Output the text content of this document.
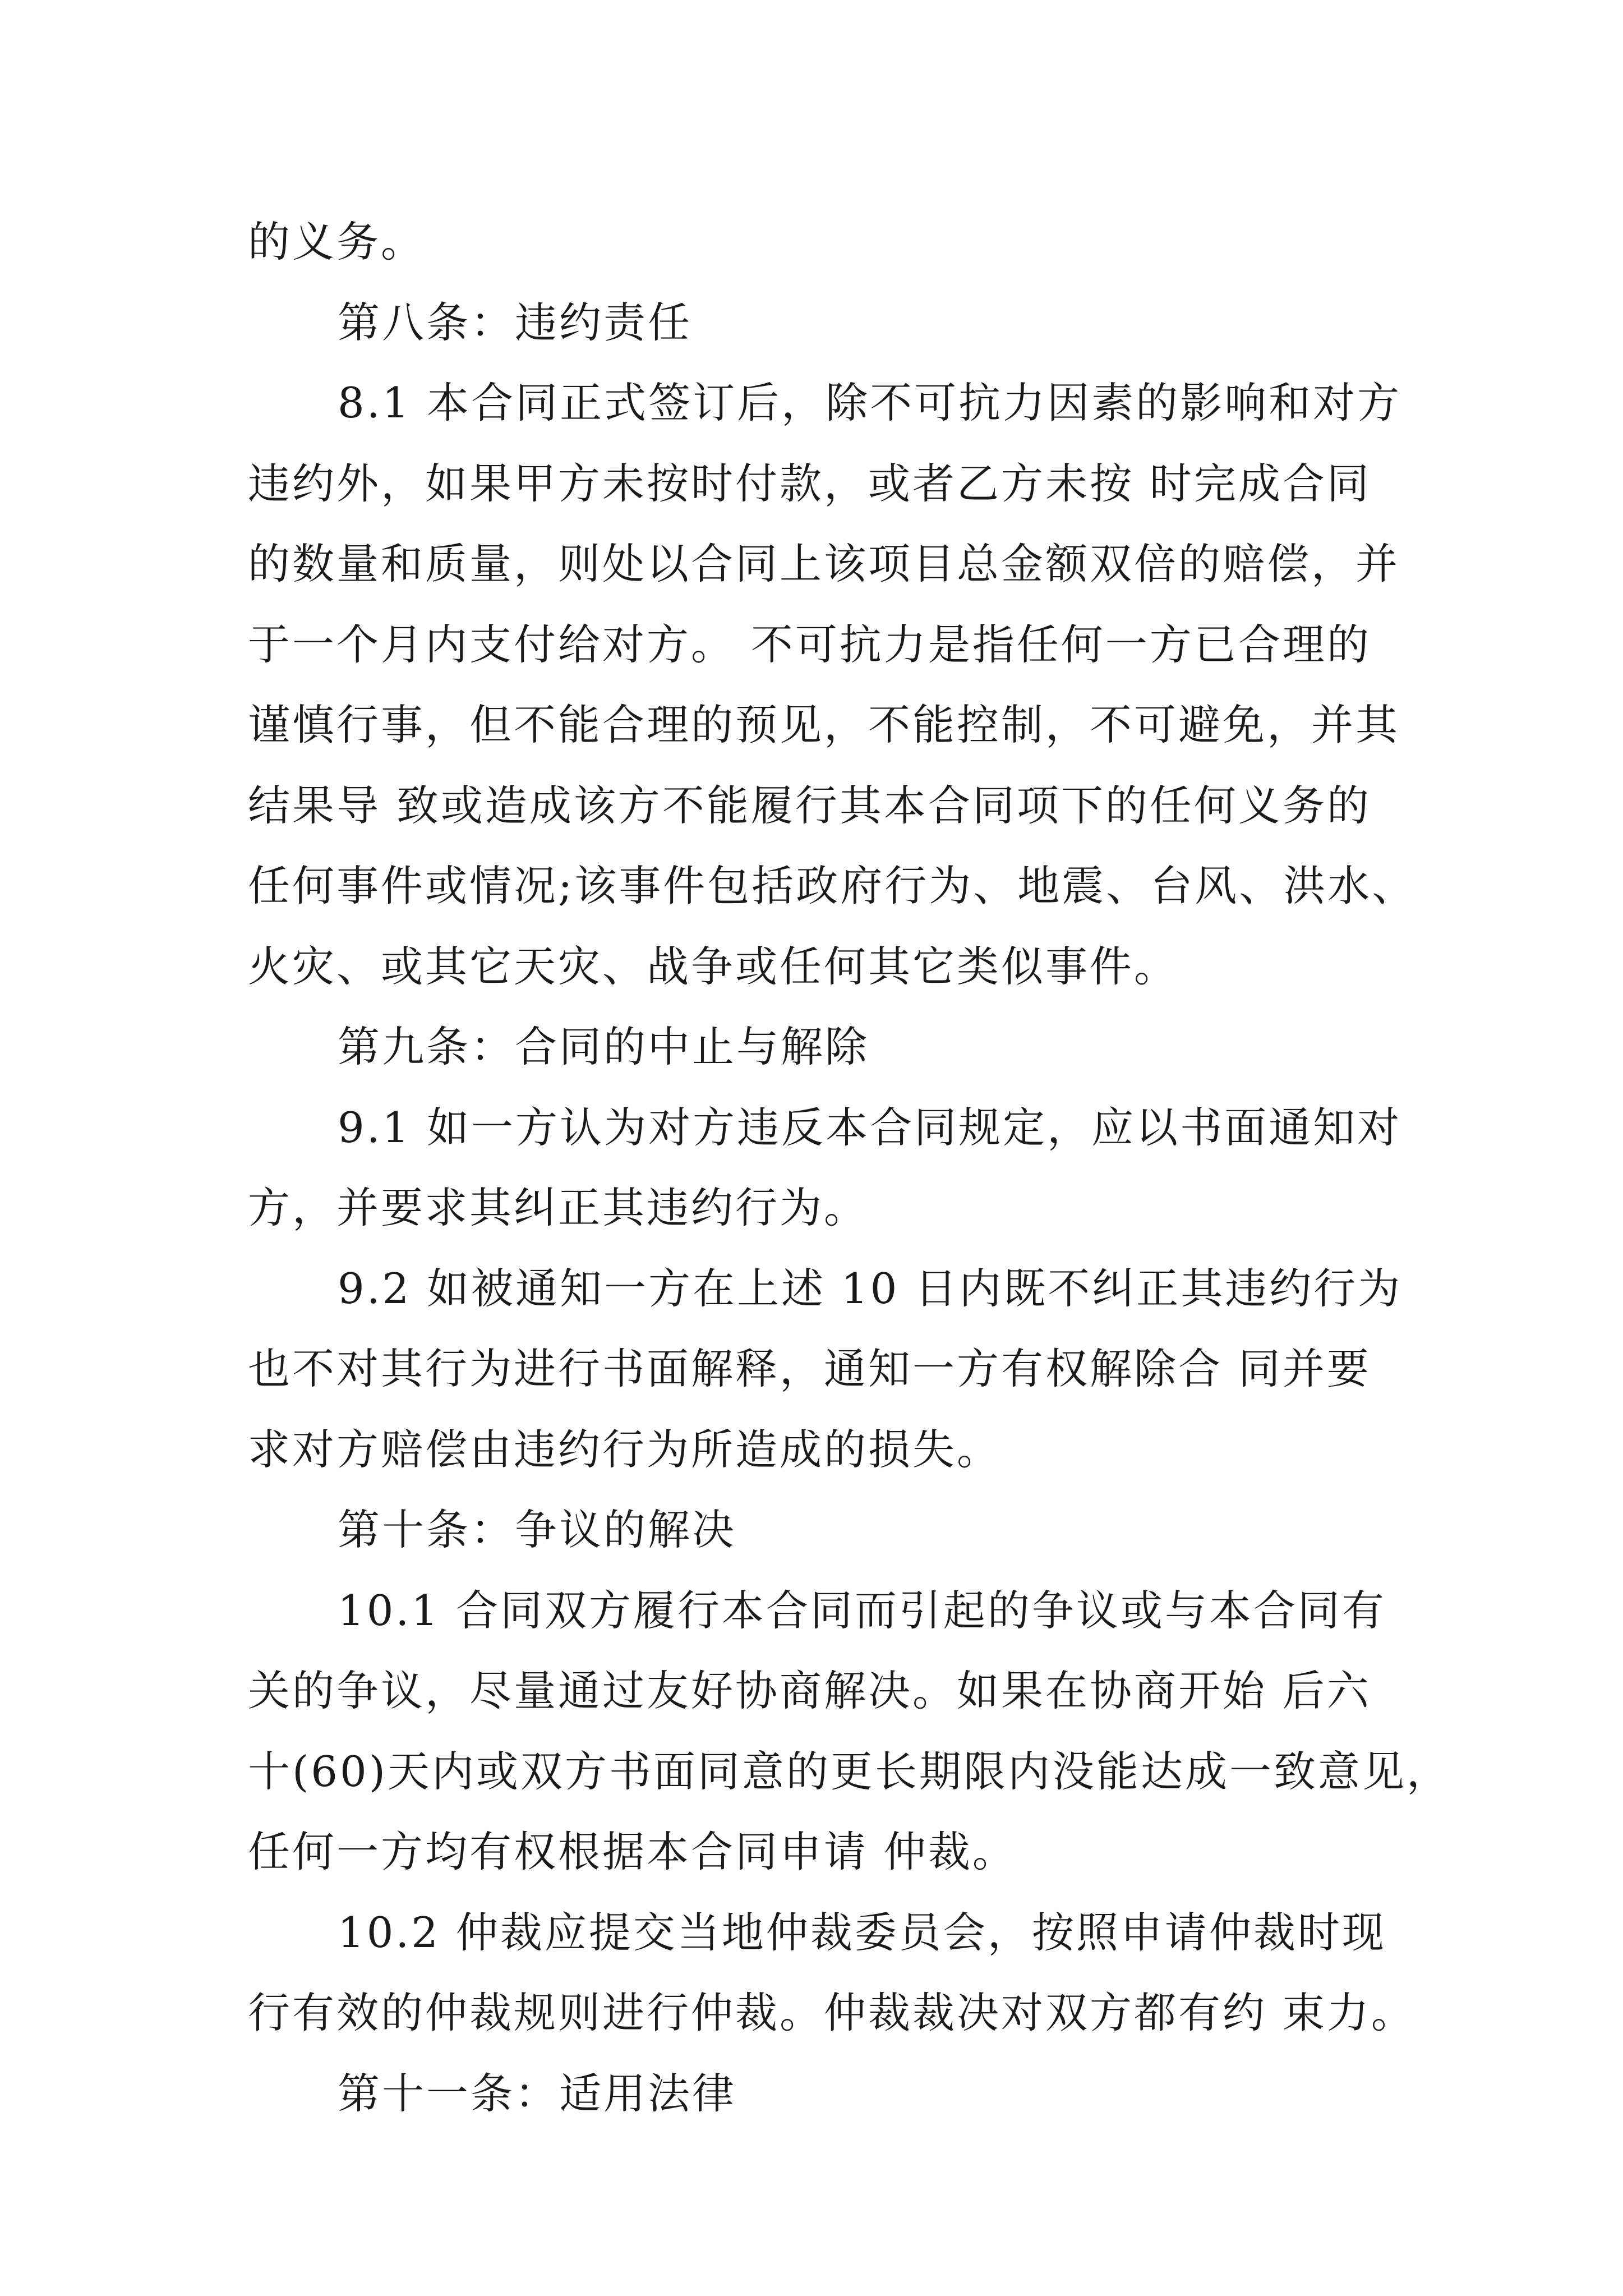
的义务。
第八条：违约责任
8.1 本合同正式签订后，除不可抗力因素的影响和对方
违约外，如果甲方未按时付款，或者乙方未按 时完成合同
的数量和质量，则处以合同上该项目总金额双倍的赔偿，并
于一个月内支付给对方。 不可抗力是指任何一方已合理的
谨慎行事，但不能合理的预见，不能控制，不可避免，并其
结果导 致或造成该方不能履行其本合同项下的任何义务的
任何事件或情况;该事件包括政府行为、地震、台风、洪水、
火灾、或其它天灾、战争或任何其它类似事件。
第九条：合同的中止与解除
9.1 如一方认为对方违反本合同规定，应以书面通知对
方，并要求其纠正其违约行为。
9.2 如被通知一方在上述 10 日内既不纠正其违约行为
也不对其行为进行书面解释，通知一方有权解除合 同并要
求对方赔偿由违约行为所造成的损失。
第十条：争议的解决
10.1 合同双方履行本合同而引起的争议或与本合同有
关的争议，尽量通过友好协商解决。如果在协商开始 后六
十(60)天内或双方书面同意的更长期限内没能达成一致意见，
任何一方均有权根据本合同申请 仲裁。
10.2 仲裁应提交当地仲裁委员会，按照申请仲裁时现
行有效的仲裁规则进行仲裁。仲裁裁决对双方都有约 束力。
第十一条：适用法律
